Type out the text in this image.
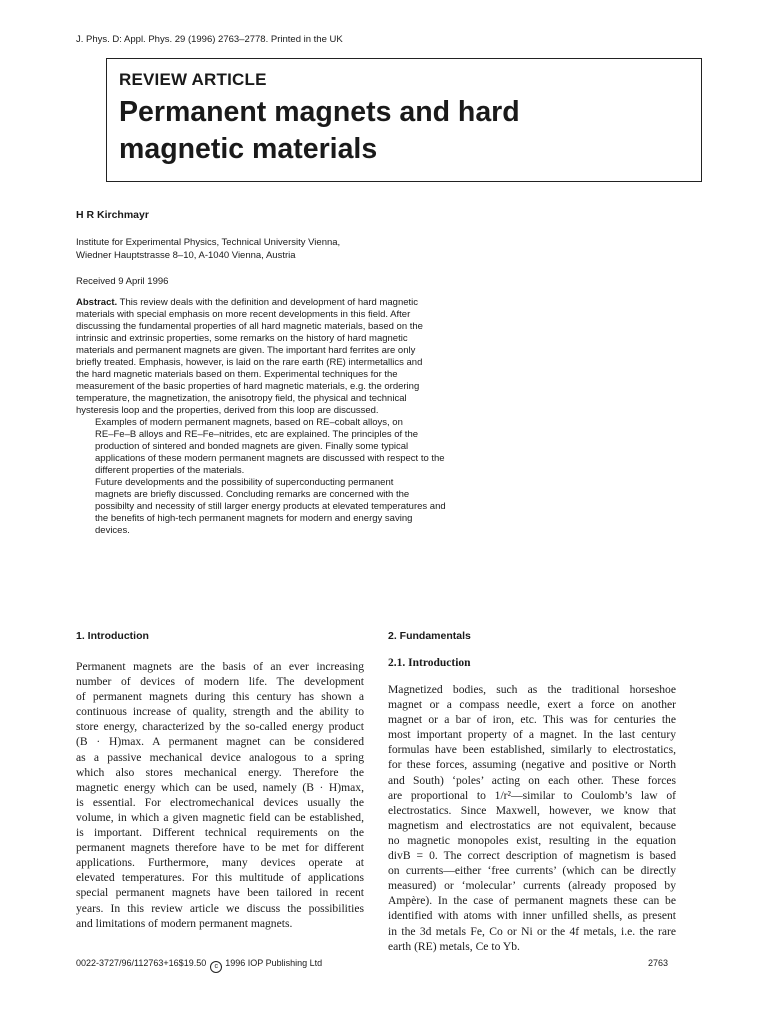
J. Phys. D: Appl. Phys. 29 (1996) 2763–2778. Printed in the UK
REVIEW ARTICLE
Permanent magnets and hard
magnetic materials
H R Kirchmayr
Institute for Experimental Physics, Technical University Vienna,
Wiedner Hauptstrasse 8–10, A-1040 Vienna, Austria
Received 9 April 1996

Abstract. This review deals with the definition and development of hard magnetic
materials with special emphasis on more recent developments in this field. After
discussing the fundamental properties of all hard magnetic materials, based on the
intrinsic and extrinsic properties, some remarks on the history of hard magnetic
materials and permanent magnets are given. The important hard ferrites are only
briefly treated. Emphasis, however, is laid on the rare earth (RE) intermetallics and
the hard magnetic materials based on them. Experimental techniques for the
measurement of the basic properties of hard magnetic materials, e.g. the ordering
temperature, the magnetization, the anisotropy field, the physical and technical
hysteresis loop and the properties, derived from this loop are discussed.

Examples of modern permanent magnets, based on RE–cobalt alloys, on
RE–Fe–B alloys and RE–Fe–nitrides, etc are explained. The principles of the
production of sintered and bonded magnets are given. Finally some typical
applications of these modern permanent magnets are discussed with respect to the
different properties of the materials.

Future developments and the possibility of superconducting permanent
magnets are briefly discussed. Concluding remarks are concerned with the
possibilty and necessity of still larger energy products at elevated temperatures and
the benefits of high-tech permanent magnets for modern and energy saving
devices.

1. Introduction	2. Fundamentals
2.1. Introduction
Permanent magnets are the basis of an ever increasing
number of devices of modern life. The development
of permanent magnets during this century has shown a
continuous increase of quality, strength and the ability to
store energy, characterized by the so-called energy product
(B · H)max. A permanent magnet can be considered
as a passive mechanical device analogous to a spring
which also stores mechanical energy. Therefore the
magnetic energy which can be used, namely (B · H)max,
is essential. For electromechanical devices usually the
volume, in which a given magnetic field can be established,
is important. Different technical requirements on the
permanent magnets therefore have to be met for different
applications. Furthermore, many devices operate at
elevated temperatures. For this multitude of applications
special permanent magnets have been tailored in recent
years. In this review article we discuss the possibilities
and limitations of modern permanent magnets.
Magnetized bodies, such as the traditional horseshoe
magnet or a compass needle, exert a force on another
magnet or a bar of iron, etc. This was for centuries the
most important property of a magnet. In the last century
formulas have been established, similarly to electrostatics,
for these forces, assuming (negative and positive or North
and South) ‘poles’ acting on each other. These forces
are proportional to 1/r²—similar to Coulomb’s law of
electrostatics. Since Maxwell, however, we know that
magnetism and electrostatics are not equivalent, because
no magnetic monopoles exist, resulting in the equation
divB = 0. The correct description of magnetism is based
on currents—either ‘free currents’ (which can be directly
measured) or ‘molecular’ currents (already proposed by
Ampère). In the case of permanent magnets these can be
identified with atoms with inner unfilled shells, as present
in the 3d metals Fe, Co or Ni or the 4f metals, i.e. the rare
earth (RE) metals, Ce to Yb.
0022-3727/96/112763+16$19.50 c 1996 IOP Publishing Ltd	2763
